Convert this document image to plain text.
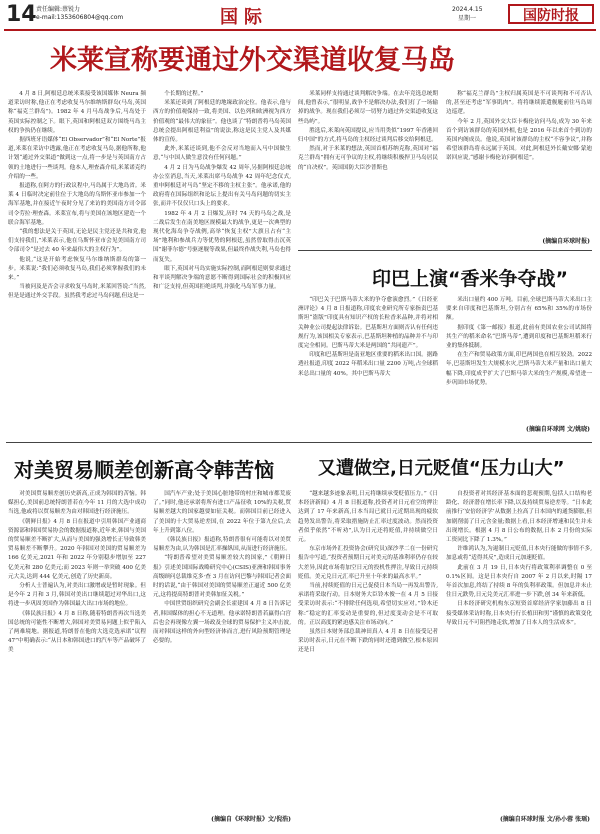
14 责任编辑:蔡锐力
e-mail:1353606804@qq.com	国际	2024.4.15
星期一	国防时报
米莱宣称要通过外交渠道收复马岛

4 月 8 日,阿根廷总统米莱接受该国媒体 Neura 频道采访时称,他正在考虑收复马尔维纳斯群岛(马岛,英国称“福克兰群岛”)。1982 年 4 月马岛战争后,马岛处于英国实际控制之下。眼下,英国和阿根廷双方围绕马岛主权的争执仍在继续。

据西班牙语媒体“El Observador”和“El Norte”报道,米莱在采访中透露,他正在考虑收复马岛,据他所称,他计划“通过外交渠道”做到这一点,将一步是与英国南方占领的土地进行一些谈判。他本人,理查森介绍,米莱诺克约介绍的一些。

报道称,在阿方的行政议程中,马岛属于大地岛省。米莱 4 日临时决定前往位于大地岛的乌斯怀亚市参加一个海军基地,并在接近午夜时分见了来访的美国南方司令部司令劳拉·理查森。米莱宣布,将与美国在该地区建造一个联合海军基地。

“我的想法是关于英国,无论是民主党还是共和党,他们支持我们,”米莱表示,他在乌斯怀亚市会见美国南方司令部司令“是过去 40 年来最伟大的主权行为”。

他说,“这是开始考虑恢复马尔维纳斯群岛的第一步。米莱说:“我们必须收复马岛,我们必须掌握我们的未来。”

当被问及是否会寻求收复马岛时,米莱回答说:“当然,但是是通过外交手段。虽然我考虑过马岛问题,但这是一

个长期的过程。”

米莱还谈到了阿根廷的地缘政治定位。他表示,他与西方的价值观保持一致,将美国、以色列和欧洲视为西方价值观的“最伟大的象征”。他也谈了“特朗普将马岛英国总统会提出阿根廷利益”的说法,称这是民主党人及其媒体的宣传。

此外,米莱还谈到,他不会反对当地而入马中国做生意,“与中国人做生意没有任何问题。”

4 月 2 日为马岛战争爆发 42 周年,另据阿根廷总统办公室消息,当天,米莱出席马岛战争 42 周年纪念仪式,重申阿根廷对马岛“坚定不移的主权主张”。他承诺,他的政府将在国际组织和论坛上提出有关马岛问题的切实主张,而并不仅仅只口头上的要求。

1982 年 4 月 2 日爆发,历时 74 天的马岛之战,是二战后发生在南美地区规模最大的战争,更是一次典型的现代化海岛争夺战例,高举“恢复主权”大旗且占有“主场”地利和参战兵力等优势的阿根廷,虽然曾取得击沉英国”谢菲尔德”号驱逐舰等战果,但最终作战失利,马岛也得而复失。

眼下,英国对马岛实施实际控制,而阿根廷则要求通过和平谈判解决争端的意愿不断得到国际社会的积极回应和广泛支持,但英国拒绝谈判,并强化马岛军事力量。

米莱同样支持通过谈判解决争端。在去年竞选总统期间,他曾表示,“很明显,战争不是解决办法,我们打了一场输掉的战争。现在我们必须尽一切努力通过外交渠道收复这些岛屿”。

胜选后,米莱向英国提议,应当用类似“1997 年香港回归中国”的方式,将马岛的主权经过谈判后移交给阿根廷。

然而,对于米莱的想法,英国首相苏纳克称,英国对“福克兰群岛”拥有无可争议的主权,将继续积极捍卫马岛居民的“自决权”。英国国防大臣沙普斯也

称“福克兰群岛”主权归属英国是不可谈判和不可否认的,甚至还考虑“军事肌肉”。将将继续派遣舰艇前往马岛周边巡逻。

今年 2 月,英国外交大臣卡梅伦访问马岛,成为 30 年来首个到访该群岛的英国外相,也是 2016 年以来首个到访的英国内阁成员。他说,英国对该群岛的主权“不容争议”,并称希望该群岛将永远属于英国。对此,阿根廷外长戴安娜·蒙迪诺回应说,“感谢卡梅伦访问阿根廷”。

(摘编自环球时报)
印巴上演“香米争夺战”

“印巴关于巴斯马蒂大米的争夺愈演愈烈。”《日经亚洲评论》4 月 8 日报道称,印度农业研究所专家指责巴基斯坦“盗版”印度具有知识产权的长粒香米品种,并将对相关种业公司提起法律诉讼。巴基斯坦方面则否认有任何违规行为,该国相关专家表示,巴基斯坦种植的品种并不与印度完全相同。巴斯马蒂大米是两国的“共同遗产”。

印度和巴基斯坦是南亚地区重要的稻米出口国。据路透社报道,印度 2022 年稻米出口量 2200 万吨,占全球稻米总出口量的 40%。其中巴斯马蒂大

米出口量约 400 万吨。目前,全球巴斯马蒂大米出口主要来自印度和巴基斯坦,分别占有 65%和 35%的市场份额。

据印度《第一邮报》报道,此前有美国农业公司试图将其生产的稻米命名“巴斯马蒂”,遭到印度和巴基斯坦稻米行业的集体抵制。

在生产和贸易政策方面,印巴两国也在相互较劲。2022 年,巴基斯坦发生大规模水灾,巴斯马蒂大米产量和出口量大幅下降,印度成乎扩大了巴斯马蒂大米的生产规模,希望进一步巩固市场优势。

(摘编自环球网 文/姚晓)
对美贸易顺差创新高令韩苦恼

对美国贸易顺差创历史新高,正成为韩国的苦恼。韩媒担心,美国前总统特朗普若在今年 11 月的大选中成功当选,他或将以贸易顺差为由对韩国进行经济施压。

《朝鲜日报》4 月 8 日在报道中引用韩国产业通商资源部和韩国贸易协会的数据报道称,近年来,韩国与美国的贸易顺差不断扩大,从而与美国的强劲增长正导致韩美贸易顺差不断攀升。2020 年韩国对美国的贸易顺差为 166 亿美元,2021 年和 2022 年分别稳步增加至 227 亿美元和 280 亿美元;而 2023 年则一举突破 400 亿美元大关,达到 444 亿美元,创造了历史新高。

分析人士普遍认为,对美出口激增或是暂时现象。但是今年 2 月和 3 月,韩国对美出口继续超过对华出口,这将进一步巩固美国作为韩国最大出口市场的地位。

《韩民族日报》4 月 8 日称,随着特朗普再次当选美国总统的可能性不断增大,韩国对美贸易问题上似乎陷入了两难境地。据报道,特朗普在他的大选竞选承诺“议程 47”中明确表示:“从日本和韩国进口的汽车等产品破坏了美

国汽车产业;处于美国心脏地带的村庄和城市都荒废了。”同时,他还承诺将所有进口产品征收 10%的关税,贸易顺差越大的国家越要如征关税。而韩国目前已经进入了美国的十大贸易逆差国,在 2022 年位于第九位后,去年上升到第八位。

《韩民族日报》报道称,特朗普很有可能将以对美贸易顺差为由,认为韩国是汇率操纵国,从而进行经济施压。

“特朗普希望对美贸易顺差较大的国家,”《朝鲜日报》引述美国国际战略研究中心(CSIS)亚洲和韩国事务高级顾问总裁维克多·查 3 月在访问巴黎与韩国记者会面时的话说,“由于韩国对美国的贸易顺差正逼近 500 亿美元,这将提高特朗普对美韩加征关税。”

中国世贸组织研究会副会长霍建国 4 月 8 日告诉记者,韩国媒体的担心不无道理。他承诺特朗普若赢得白宫后也会再现像左翼一场政及全球的贸易保护主义冲击波,而对韩国这样的外向型经济体而言,进行风险预期管理是必要的。

(摘编自《环球时报》文/倪浩)
又遭做空,日元贬值“压力山大”

“越来越多迹象表明,日元将继续承受贬值压力。”《日本经济新闻》4 月 8 日报道称,投资者对日元看空的押注达到了 17 年来新高,日本当局已就日元近期出现的疲软趋势发出警告,将采取措施防止汇率过度波动。然而投资者似乎依然“不听劝”,认为日元还将贬值,并持续做空日元。

东京市场外汇投资协会(研究员)深沙孝二在一份研究报告中写道,“投资者预期日元对美元的基准利率仍存在较大差异,因此市场将加空日元的投机性押注,导致日元持续贬值。美元兑日元汇率已升至十年来的最高水平。”

当前,持续贬值的日元已促使日本当局一再发出警告,承诺将采取行动。日本财务大臣铃木俊一在 4 月 5 日接受采访时表示:“不排除任何选项,希望切实应对。”铃木还称:“稳定的汇率变动是重要的,但过度变动会是不可取的。正以高度的紧迫感关注市场动向。”

虽然日本财务部总裁神田真人 4 月 8 日在接受记者采访时表示,日元在不断下跌的同时还遭到做空,根本原因还是日

自投资者对其经济基本面的悲观预期,包括人口结构老龄化、经济潜在增长率下降,以及持续贸易逆差等。“日本此前推行‘安倍经济学’从数据上拉高了日本国内的通货膨胀,但加剧削弱了日元含金量;数据上看,日本经济增速和民生并未出现增长。根据 4 月 8 日公布的数据,日本 2 月份的实际工资同比下降了 1.3%。”

许维鸿认为,为遏制日元贬值,日本央行能做的事情不多,加息或将“适得其反”,造成日元加速贬值。

此前在 3 月 19 日,日本央行将政策利率调整在 0 至 0.1%区间。这是日本央行自 2007 年 2 月以来,时隔 17 年首次加息,终结了持续 8 年的负利率政策。但加息并未止住日元跌势,日元兑美元汇率进一步下跌,创 34 年来新低。

日本经济研究机构东京短资首席经济学家加藤出 8 日接受媒体采访时称,日本央行行长植田和男“谨慎的政策变化导致日元不可阻挡地走软,增加了日本人的生活成本”。

(摘编自环球时报 文/孙小蓉 张瑶)
